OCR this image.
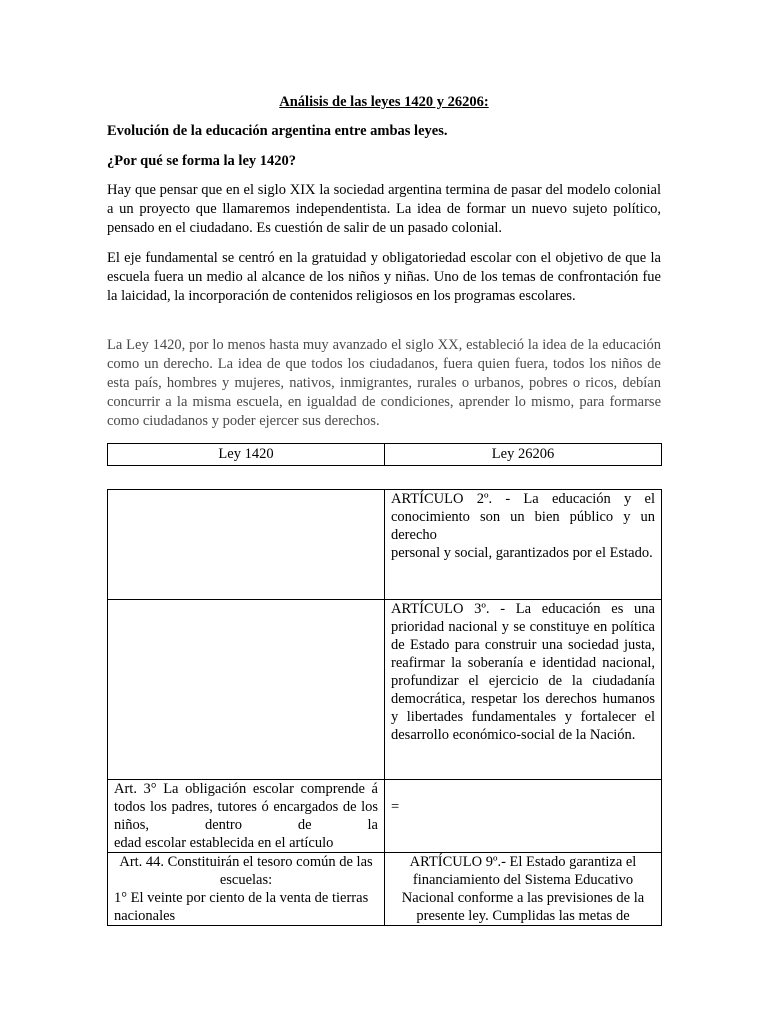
Análisis de las leyes 1420 y 26206:
Evolución de la educación argentina entre ambas leyes.
¿Por qué se forma la ley 1420?
Hay que pensar que en el siglo XIX la sociedad argentina termina de pasar del modelo colonial a un proyecto que llamaremos independentista. La idea de formar un nuevo sujeto político, pensado en el ciudadano. Es cuestión de salir de un pasado colonial.
El eje fundamental se centró en la gratuidad y obligatoriedad escolar con el objetivo de que la escuela fuera un medio al alcance de los niños y niñas. Uno de los temas de confrontación fue la laicidad, la incorporación de contenidos religiosos en los programas escolares.
La Ley 1420, por lo menos hasta muy avanzado el siglo XX, estableció la idea de la educación como un derecho. La idea de que todos los ciudadanos, fuera quien fuera, todos los niños de esta país, hombres y mujeres, nativos, inmigrantes, rurales o urbanos, pobres o ricos, debían concurrir a la misma escuela, en igualdad de condiciones, aprender lo mismo, para formarse como ciudadanos y poder ejercer sus derechos.
Ley 1420	Ley 26206

	ARTÍCULO 2º. - La educación y el conocimiento son un bien público y un derecho

personal y social, garantizados por el Estado.

	ARTÍCULO 3º. - La educación es una prioridad nacional y se constituye en política

de Estado para construir una sociedad justa, reafirmar la soberanía e identidad nacional, profundizar el ejercicio de la ciudadanía democrática, respetar los derechos humanos y libertades fundamentales y fortalecer el desarrollo económico-social de la Nación.

Art. 3° La obligación escolar comprende á todos los padres, tutores ó encargados de los niños, dentro de la

edad escolar establecida en el artículo	=

Art. 44. Constituirán el tesoro común de las escuelas:

1° El veinte por ciento de la venta de tierras nacionales	ARTÍCULO 9º.- El Estado garantiza el financiamiento del Sistema Educativo Nacional conforme a las previsiones de la presente ley. Cumplidas las metas de
